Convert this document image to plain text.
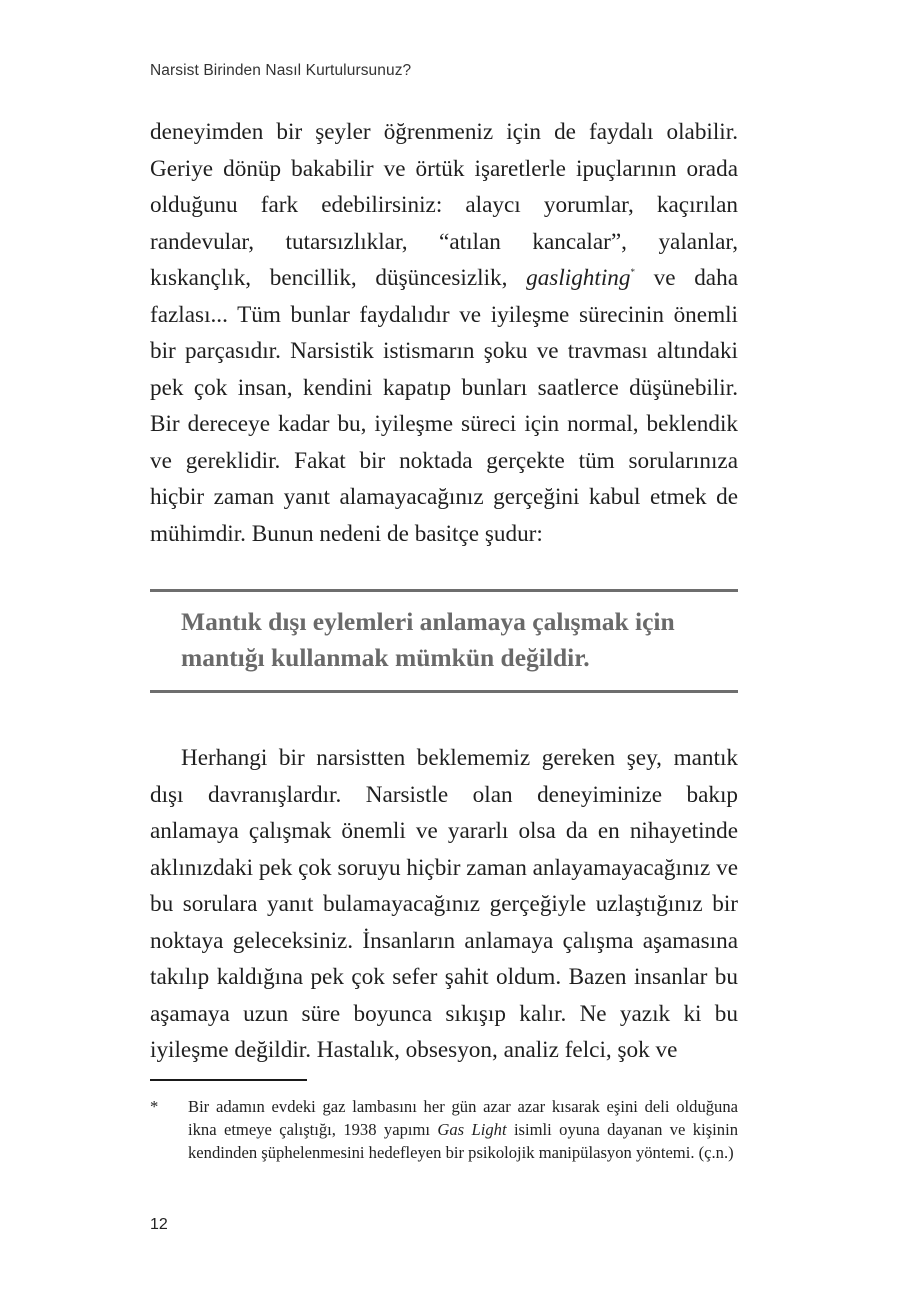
Narsist Birinden Nasıl Kurtulursunuz?

deneyimden bir şeyler öğrenmeniz için de faydalı olabilir. Geriye dönüp bakabilir ve örtük işaretlerle ipuçlarının orada olduğunu fark edebilirsiniz: alaycı yorumlar, kaçırılan randevular, tutarsızlıklar, “atılan kancalar”, yalanlar, kıskançlık, bencillik, düşüncesizlik, gaslighting* ve daha fazlası... Tüm bunlar faydalıdır ve iyileşme sürecinin önemli bir parçasıdır. Narsistik istismarın şoku ve travması altındaki pek çok insan, kendini kapatıp bunları saatlerce düşünebilir. Bir dereceye kadar bu, iyileşme süreci için normal, beklendik ve gereklidir. Fakat bir noktada gerçekte tüm sorularınıza hiçbir zaman yanıt alamayacağınız gerçeğini kabul etmek de mühimdir. Bunun nedeni de basitçe şudur:

Mantık dışı eylemleri anlamaya çalışmak için mantığı kullanmak mümkün değildir.

Herhangi bir narsistten beklememiz gereken şey, mantık dışı davranışlardır. Narsistle olan deneyiminize bakıp anlamaya çalışmak önemli ve yararlı olsa da en nihayetinde aklınızdaki pek çok soruyu hiçbir zaman anlayamayacağınız ve bu sorulara yanıt bulamayacağınız gerçeğiyle uzlaştığınız bir noktaya geleceksiniz. İnsanların anlamaya çalışma aşamasına takılıp kaldığına pek çok sefer şahit oldum. Bazen insanlar bu aşamaya uzun süre boyunca sıkışıp kalır. Ne yazık ki bu iyileşme değildir. Hastalık, obsesyon, analiz felci, şok ve

*	Bir adamın evdeki gaz lambasını her gün azar azar kısarak eşini deli olduğuna ikna etmeye çalıştığı, 1938 yapımı Gas Light isimli oyuna dayanan ve kişinin kendinden şüphelenmesini hedefleyen bir psikolojik manipülasyon yöntemi. (ç.n.)
12
